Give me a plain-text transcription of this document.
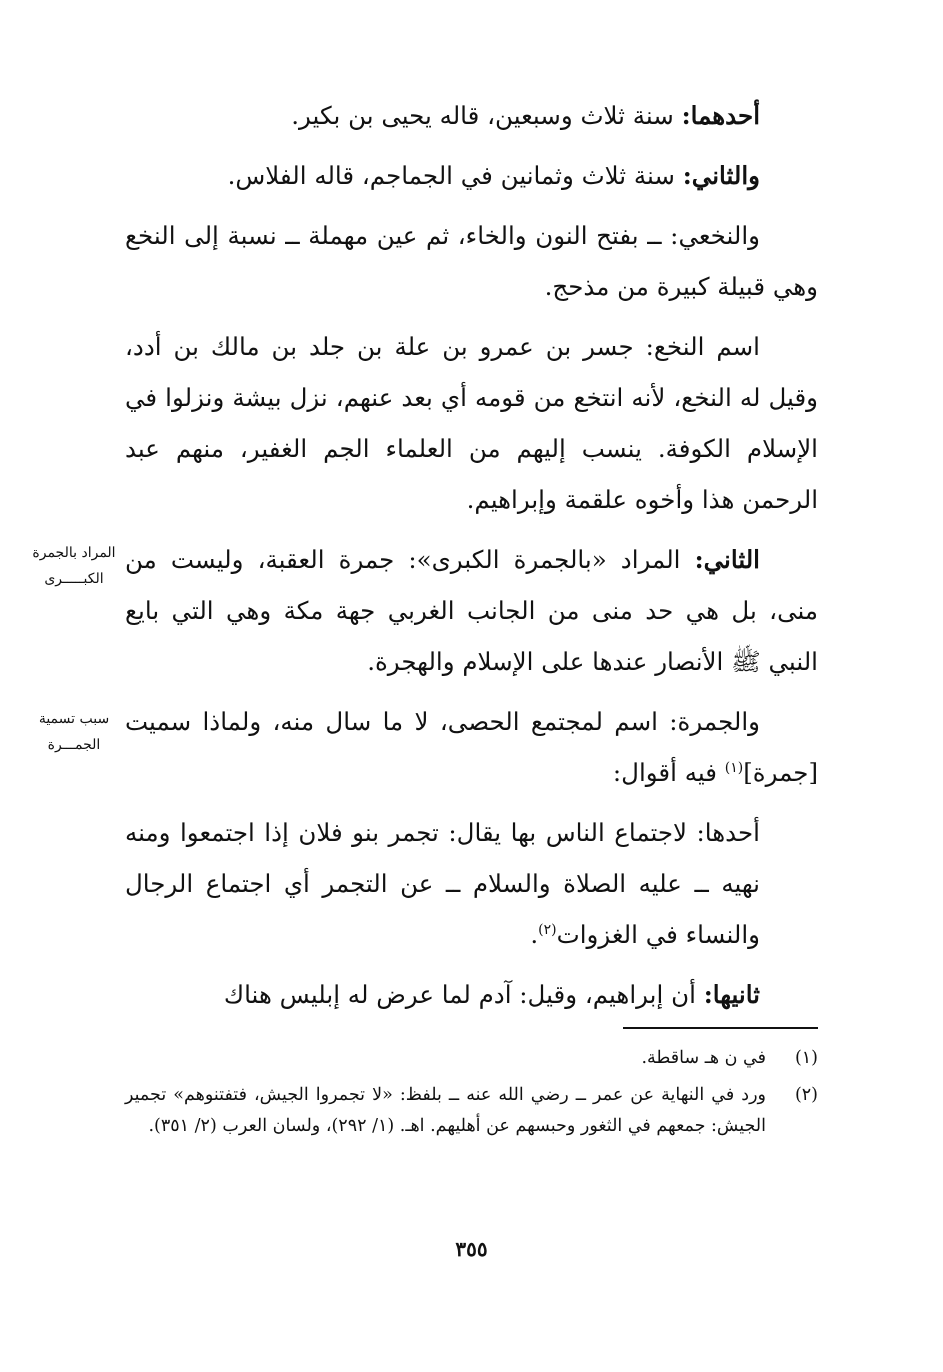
أحدهما: سنة ثلاث وسبعين، قاله يحيى بن بكير.

والثاني: سنة ثلاث وثمانين في الجماجم، قاله الفلاس.

والنخعي: ــ بفتح النون والخاء، ثم عين مهملة ــ نسبة إلى النخع وهي قبيلة كبيرة من مذحج.

اسم النخع: جسر بن عمرو بن علة بن جلد بن مالك بن أدد، وقيل له النخع، لأنه انتخع من قومه أي بعد عنهم، نزل بيشة ونزلوا في الإسلام الكوفة. ينسب إليهم من العلماء الجم الغفير، منهم عبد الرحمن هذا وأخوه علقمة وإبراهيم.

الثاني: المراد «بالجمرة الكبرى»: جمرة العقبة، وليست من منى، بل هي حد منى من الجانب الغربي جهة مكة وهي التي بايع النبي ﷺ الأنصار عندها على الإسلام والهجرة.

والجمرة: اسم لمجتمع الحصى، لا ما سال منه، ولماذا سميت [جمرة]$^{(١)}$ فيه أقوال:

أحدها: لاجتماع الناس بها يقال: تجمر بنو فلان إذا اجتمعوا ومنه نهيه ــ عليه الصلاة والسلام ــ عن التجمر أي اجتماع الرجال والنساء في الغزوات$^{(٢)}$.

ثانيها: أن إبراهيم، وقيل: آدم لما عرض له إبليس هناك

المراد بالجمرة الكبـــــرى
سبب تسمية الجمـــرة
(١)
في ن هـ ساقطة.
(٢)
ورد في النهاية عن عمر ــ رضي الله عنه ــ بلفظ: «لا تجمروا الجيش، فتفتنوهم» تجمير الجيش: جمعهم في الثغور وحبسهم عن أهليهم. اهـ. (١/ ٢٩٢)، ولسان العرب (٢/ ٣٥١).
٣٥٥
